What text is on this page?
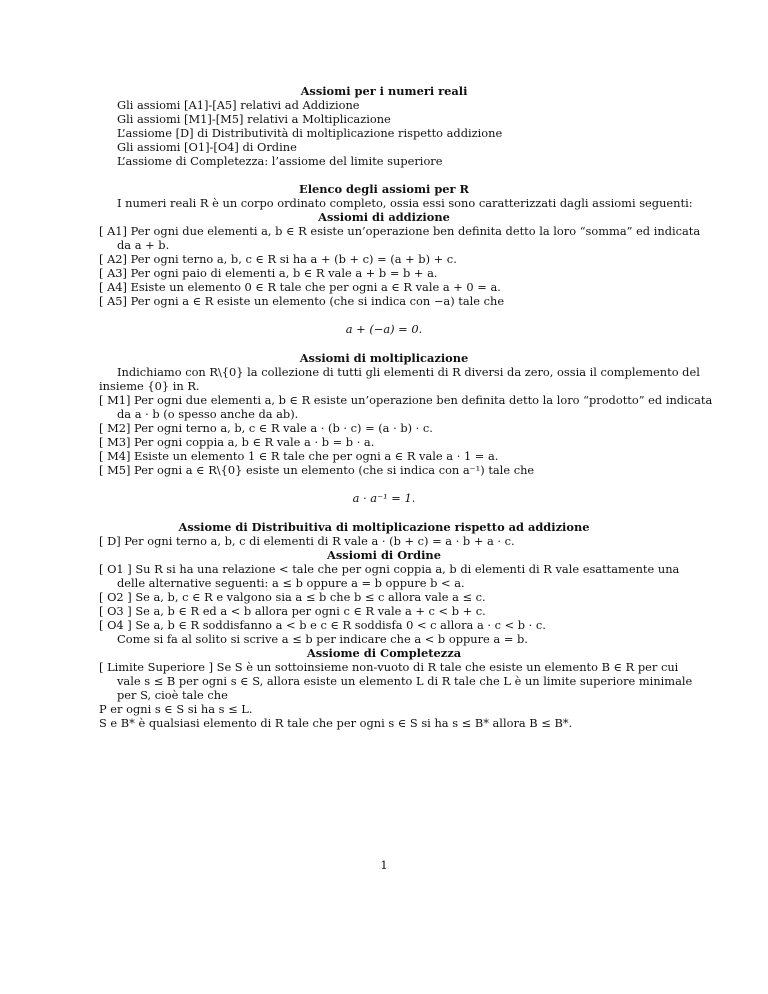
Assiomi per i numeri reali
Gli assiomi [A1]-[A5] relativi ad Addizione
Gli assiomi [M1]-[M5] relativi a Moltiplicazione
L’assiome [D] di Distributività di moltiplicazione rispetto addizione
Gli assiomi [O1]-[O4] di Ordine
L’assiome di Completezza: l’assiome del limite superiore
Elenco degli assiomi per R
I numeri reali R è un corpo ordinato completo, ossia essi sono caratterizzati dagli assiomi seguenti:
Assiomi di addizione
[ A1] Per ogni due elementi a, b ∈ R esiste un’operazione ben definita detto la loro “somma” ed indicata
da a + b.
[ A2] Per ogni terno a, b, c ∈ R si ha a + (b + c) = (a + b) + c.
[ A3] Per ogni paio di elementi a, b ∈ R vale a + b = b + a.
[ A4] Esiste un elemento 0 ∈ R tale che per ogni a ∈ R vale a + 0 = a.
[ A5] Per ogni a ∈ R esiste un elemento (che si indica con −a) tale che
a + (−a) = 0.
Assiomi di moltiplicazione
Indichiamo con R\{0} la collezione di tutti gli elementi di R diversi da zero, ossia il complemento del
insieme {0} in R.
[ M1] Per ogni due elementi a, b ∈ R esiste un’operazione ben definita detto la loro “prodotto” ed indicata
da a · b (o spesso anche da ab).
[ M2] Per ogni terno a, b, c ∈ R vale a · (b · c) = (a · b) · c.
[ M3] Per ogni coppia a, b ∈ R vale a · b = b · a.
[ M4] Esiste un elemento 1 ∈ R tale che per ogni a ∈ R vale a · 1 = a.
[ M5] Per ogni a ∈ R\{0} esiste un elemento (che si indica con a⁻¹) tale che
a · a⁻¹ = 1.
Assiome di Distribuitiva di moltiplicazione rispetto ad addizione
[ D] Per ogni terno a, b, c di elementi di R vale a · (b + c) = a · b + a · c.
Assiomi di Ordine
[ O1 ] Su R si ha una relazione < tale che per ogni coppia a, b di elementi di R vale esattamente una
delle alternative seguenti: a ≤ b oppure a = b oppure b < a.
[ O2 ] Se a, b, c ∈ R e valgono sia a ≤ b che b ≤ c allora vale a ≤ c.
[ O3 ] Se a, b ∈ R ed a < b allora per ogni c ∈ R vale a + c < b + c.
[ O4 ] Se a, b ∈ R soddisfanno a < b e c ∈ R soddisfa 0 < c allora a · c < b · c.
Come si fa al solito si scrive a ≤ b per indicare che a < b oppure a = b.
Assiome di Completezza
[ Limite Superiore ] Se S è un sottoinsieme non-vuoto di R tale che esiste un elemento B ∈ R per cui
vale s ≤ B per ogni s ∈ S, allora esiste un elemento L di R tale che L è un limite superiore minimale
per S, cioè tale che
P er ogni s ∈ S si ha s ≤ L.
S e B* è qualsiasi elemento di R tale che per ogni s ∈ S si ha s ≤ B* allora B ≤ B*.
1
